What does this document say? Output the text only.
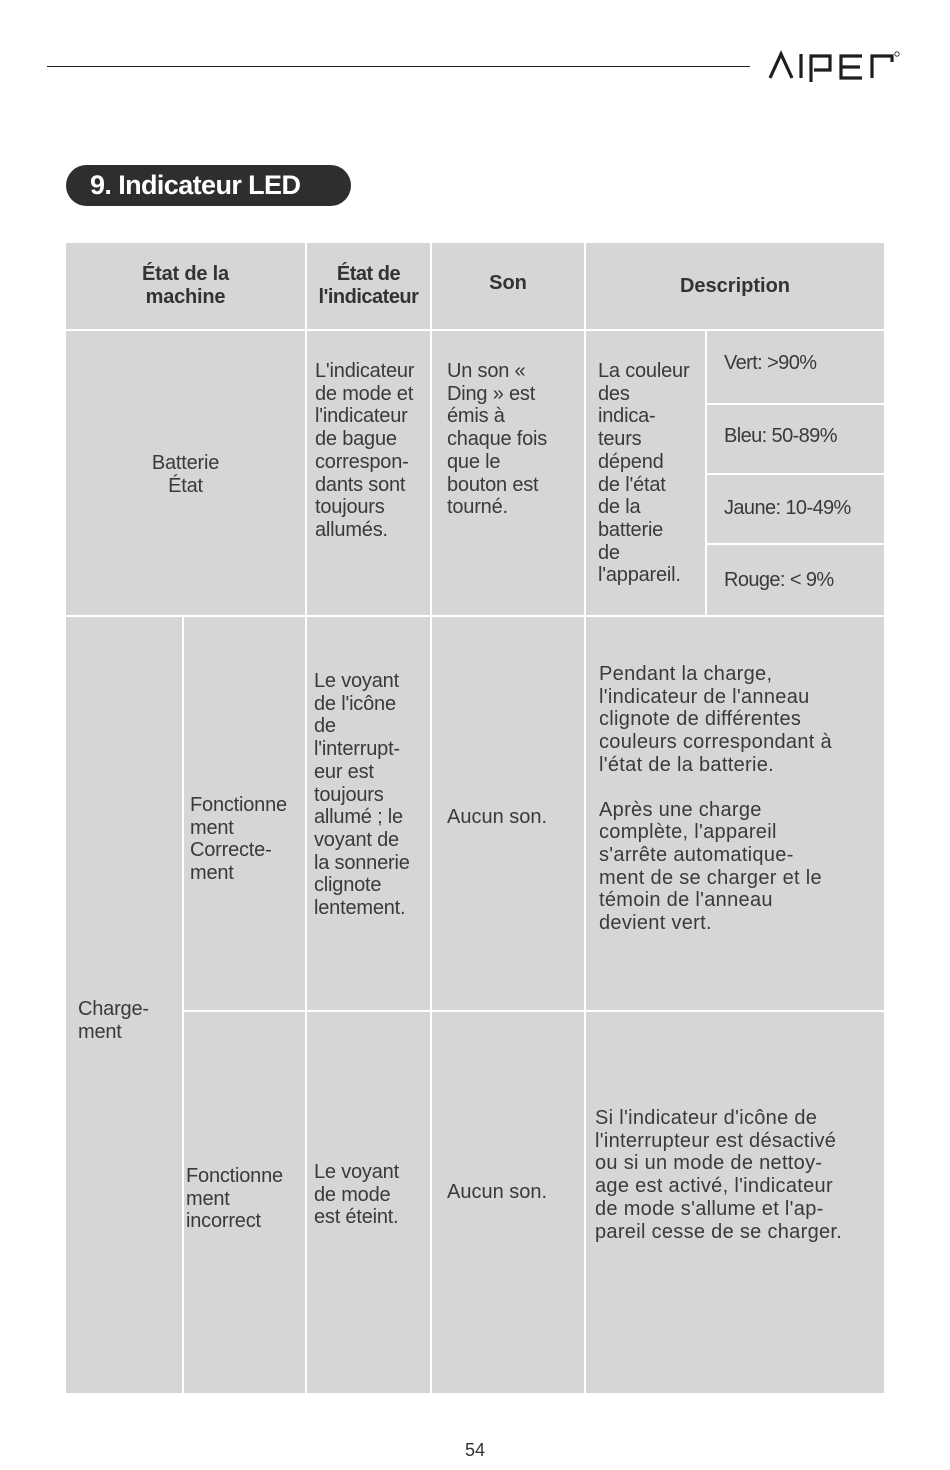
9. Indicateur LED
État de la
machine
État de
l'indicateur
Son	Description
Batterie
État
L'indicateur
de mode et
l'indicateur
de bague
correspon-
dants sont
toujours
allumés.
Un son «
Ding » est
émis à
chaque fois
que le
bouton est
tourné.
La couleur
des
indica-
teurs
dépend
de l'état
de la
batterie
de
l'appareil.
Vert: >90%
Bleu: 50-89%
Jaune: 10-49%
Rouge: < 9%
Charge-
ment
Fonctionne
ment
Correcte-
ment
Le voyant
de l'icône
de
l'interrupt-
eur est
toujours
allumé ; le
voyant de
la sonnerie
clignote
lentement.
Aucun son.
Pendant la charge,
l'indicateur de l'anneau
clignote de différentes
couleurs correspondant à
l'état de la batterie.
Après une charge
complète, l'appareil
s'arrête automatique-
ment de se charger et le
témoin de l'anneau
devient vert.
Fonctionne
ment
incorrect
Le voyant
de mode
est éteint.
Aucun son.
Si l'indicateur d'icône de
l'interrupteur est désactivé
ou si un mode de nettoy-
age est activé, l'indicateur
de mode s'allume et l'ap-
pareil cesse de se charger.
54
